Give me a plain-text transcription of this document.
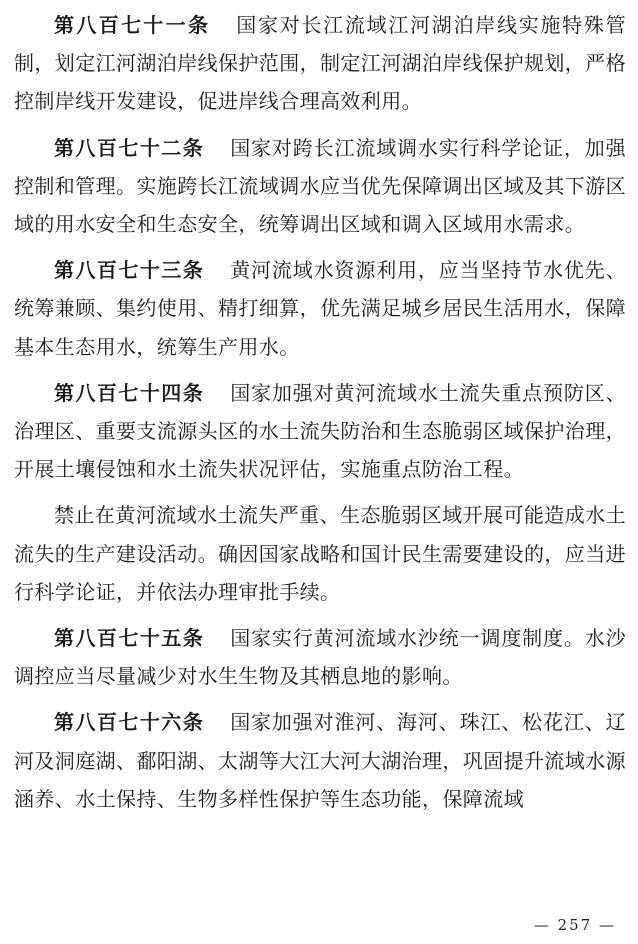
第八百七十一条 国家对长江流域江河湖泊岸线实施特殊管制，划定江河湖泊岸线保护范围，制定江河湖泊岸线保护规划，严格控制岸线开发建设，促进岸线合理高效利用。

第八百七十二条 国家对跨长江流域调水实行科学论证，加强控制和管理。实施跨长江流域调水应当优先保障调出区域及其下游区域的用水安全和生态安全，统筹调出区域和调入区域用水需求。

第八百七十三条 黄河流域水资源利用，应当坚持节水优先、统筹兼顾、集约使用、精打细算，优先满足城乡居民生活用水，保障基本生态用水，统筹生产用水。

第八百七十四条 国家加强对黄河流域水土流失重点预防区、治理区、重要支流源头区的水土流失防治和生态脆弱区域保护治理，开展土壤侵蚀和水土流失状况评估，实施重点防治工程。

禁止在黄河流域水土流失严重、生态脆弱区域开展可能造成水土流失的生产建设活动。确因国家战略和国计民生需要建设的，应当进行科学论证，并依法办理审批手续。

第八百七十五条 国家实行黄河流域水沙统一调度制度。水沙调控应当尽量减少对水生生物及其栖息地的影响。

第八百七十六条 国家加强对淮河、海河、珠江、松花江、辽河及洞庭湖、鄱阳湖、太湖等大江大河大湖治理，巩固提升流域水源涵养、水土保持、生物多样性保护等生态功能，保障流域

— 257 —
